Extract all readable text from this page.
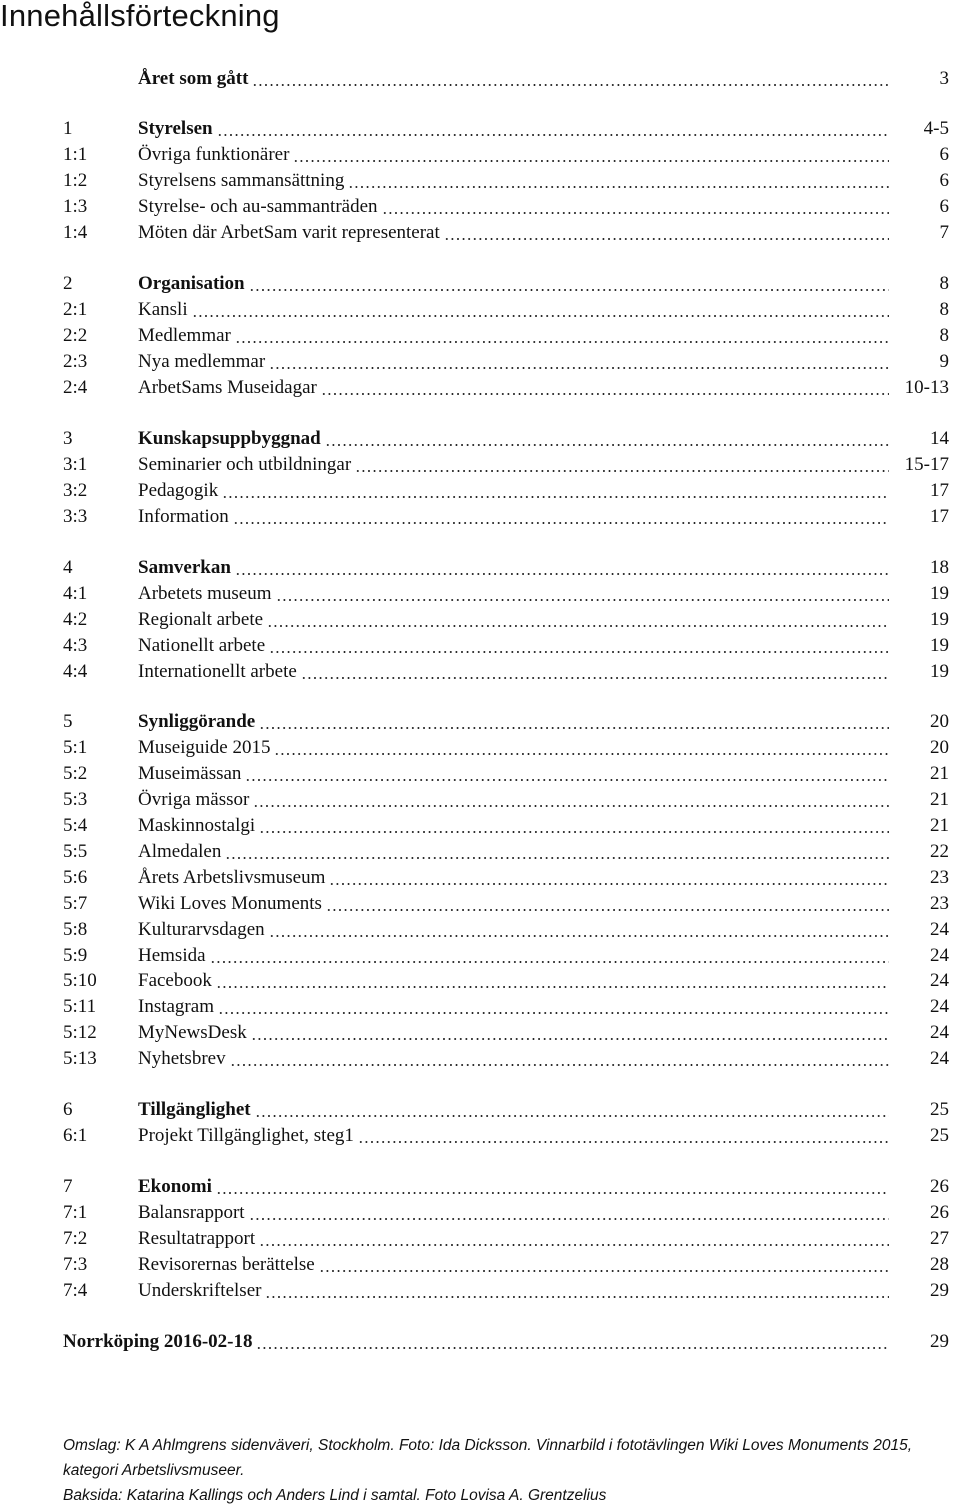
Innehållsförteckning
Året som gått	3
1	Styrelsen	4-5
1:1	Övriga funktionärer	6
1:2	Styrelsens sammansättning	6
1:3	Styrelse- och au-sammanträden	6
1:4	Möten där ArbetSam varit representerat	7
2	Organisation	8
2:1	Kansli	8
2:2	Medlemmar	8
2:3	Nya medlemmar	9
2:4	ArbetSams Museidagar	10-13
3	Kunskapsuppbyggnad	14
3:1	Seminarier och utbildningar	15-17
3:2	Pedagogik	17
3:3	Information	17
4	Samverkan	18
4:1	Arbetets museum	19
4:2	Regionalt arbete	19
4:3	Nationellt arbete	19
4:4	Internationellt arbete	19
5	Synliggörande	20
5:1	Museiguide 2015	20
5:2	Museimässan	21
5:3	Övriga mässor	21
5:4	Maskinnostalgi	21
5:5	Almedalen	22
5:6	Årets Arbetslivsmuseum	23
5:7	Wiki Loves Monuments	23
5:8	Kulturarvsdagen	24
5:9	Hemsida	24
5:10 Facebook	24
5:11 Instagram	24
5:12 MyNewsDesk	24
5:13 Nyhetsbrev	24
6	Tillgänglighet	25
6:1	Projekt Tillgänglighet, steg1	25
7	Ekonomi	26
7:1	Balansrapport	26
7:2	Resultatrapport	27
7:3	Revisorernas berättelse	28
7:4	Underskriftelser	29
Norrköping 2016-02-18	29

Omslag: K A Ahlmgrens sidenväveri, Stockholm. Foto: Ida Dicksson. Vinnarbild i fototävlingen Wiki Loves Monuments 2015, kategori Arbetslivsmuseer.

Baksida: Katarina Kallings och Anders Lind i samtal. Foto Lovisa A. Grentzelius
